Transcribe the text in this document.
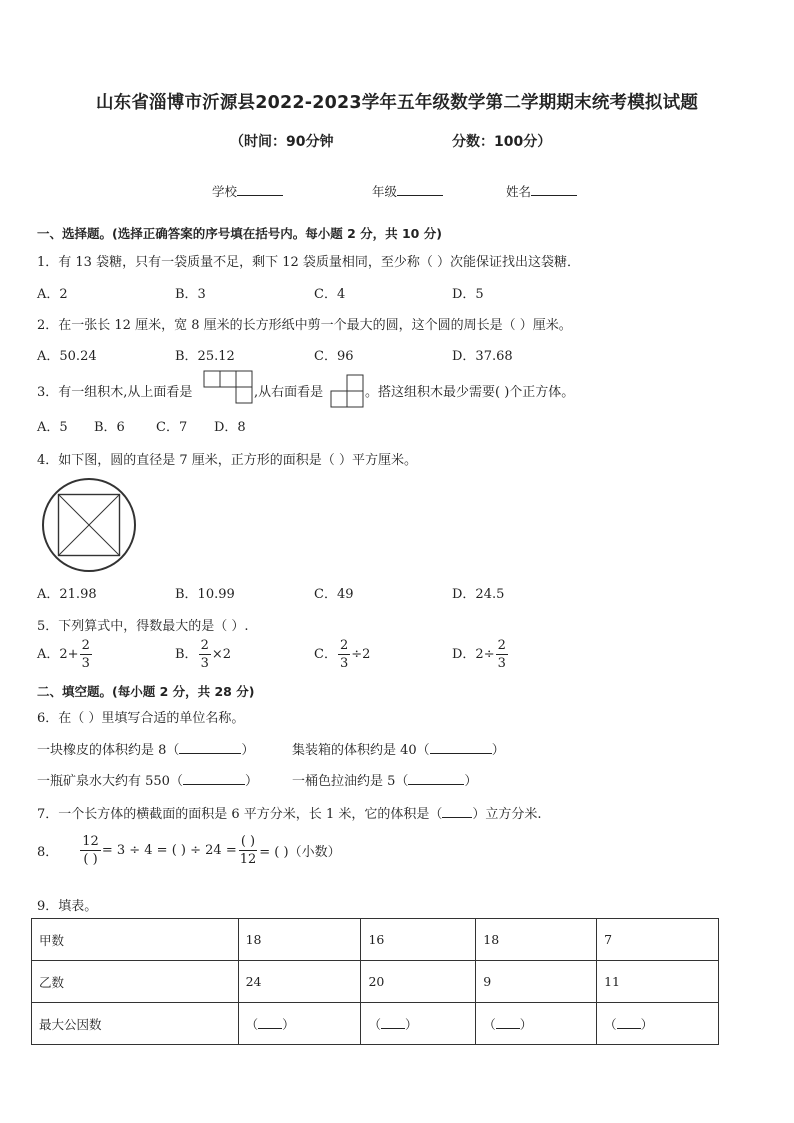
山东省淄博市沂源县2022-2023学年五年级数学第二学期期末统考模拟试题
（时间：90分钟	分数：100分）
学校	年级	姓名
一、选择题。(选择正确答案的序号填在括号内。每小题 2 分，共 10 分)
1．有 13 袋糖，只有一袋质量不足，剩下 12 袋质量相同，至少称（ ）次能保证找出这袋糖．
A．2	B．3	C．4	D．5
2．在一张长 12 厘米，宽 8 厘米的长方形纸中剪一个最大的圆，这个圆的周长是（ ）厘米。
A．50.24	B．25.12	C．96	D．37.68
3．有一组积木,从上面看是	,从右面看是	。搭这组积木最少需要( )个正方体。
A．5 B．6 C．7 D．8
4．如下图，圆的直径是 7 厘米，正方形的面积是（ ）平方厘米。
A．21.98	B．10.99	C．49	D．24.5
5．下列算式中，得数最大的是（ ）.
A．$2+ \frac{2}{3}$	B． $\frac{2}{3} \times 2$	C． $\frac{2}{3} \div 2$	D．$2\div \frac{2}{3}$
二、填空题。(每小题 2 分，共 28 分)
6．在（ ）里填写合适的单位名称。
一块橡皮的体积约是 8（	）	集装箱的体积约是 40（	）
一瓶矿泉水大约有 550（	）	一桶色拉油约是 5（	）
7．一个长方体的横截面的面积是 6 平方分米，长 1 米，它的体积是（ ）立方分米.
8． $\frac{12}{( )} = 3 \div 4$ = ( ) ÷ $24 = \frac{( )}{12}$ = ( )（小数）
9．填表。
甲数	18	16	18	7
乙数	24	20	9	11
最大公因数	（ ）	（ ）	（ ）	（ ）
